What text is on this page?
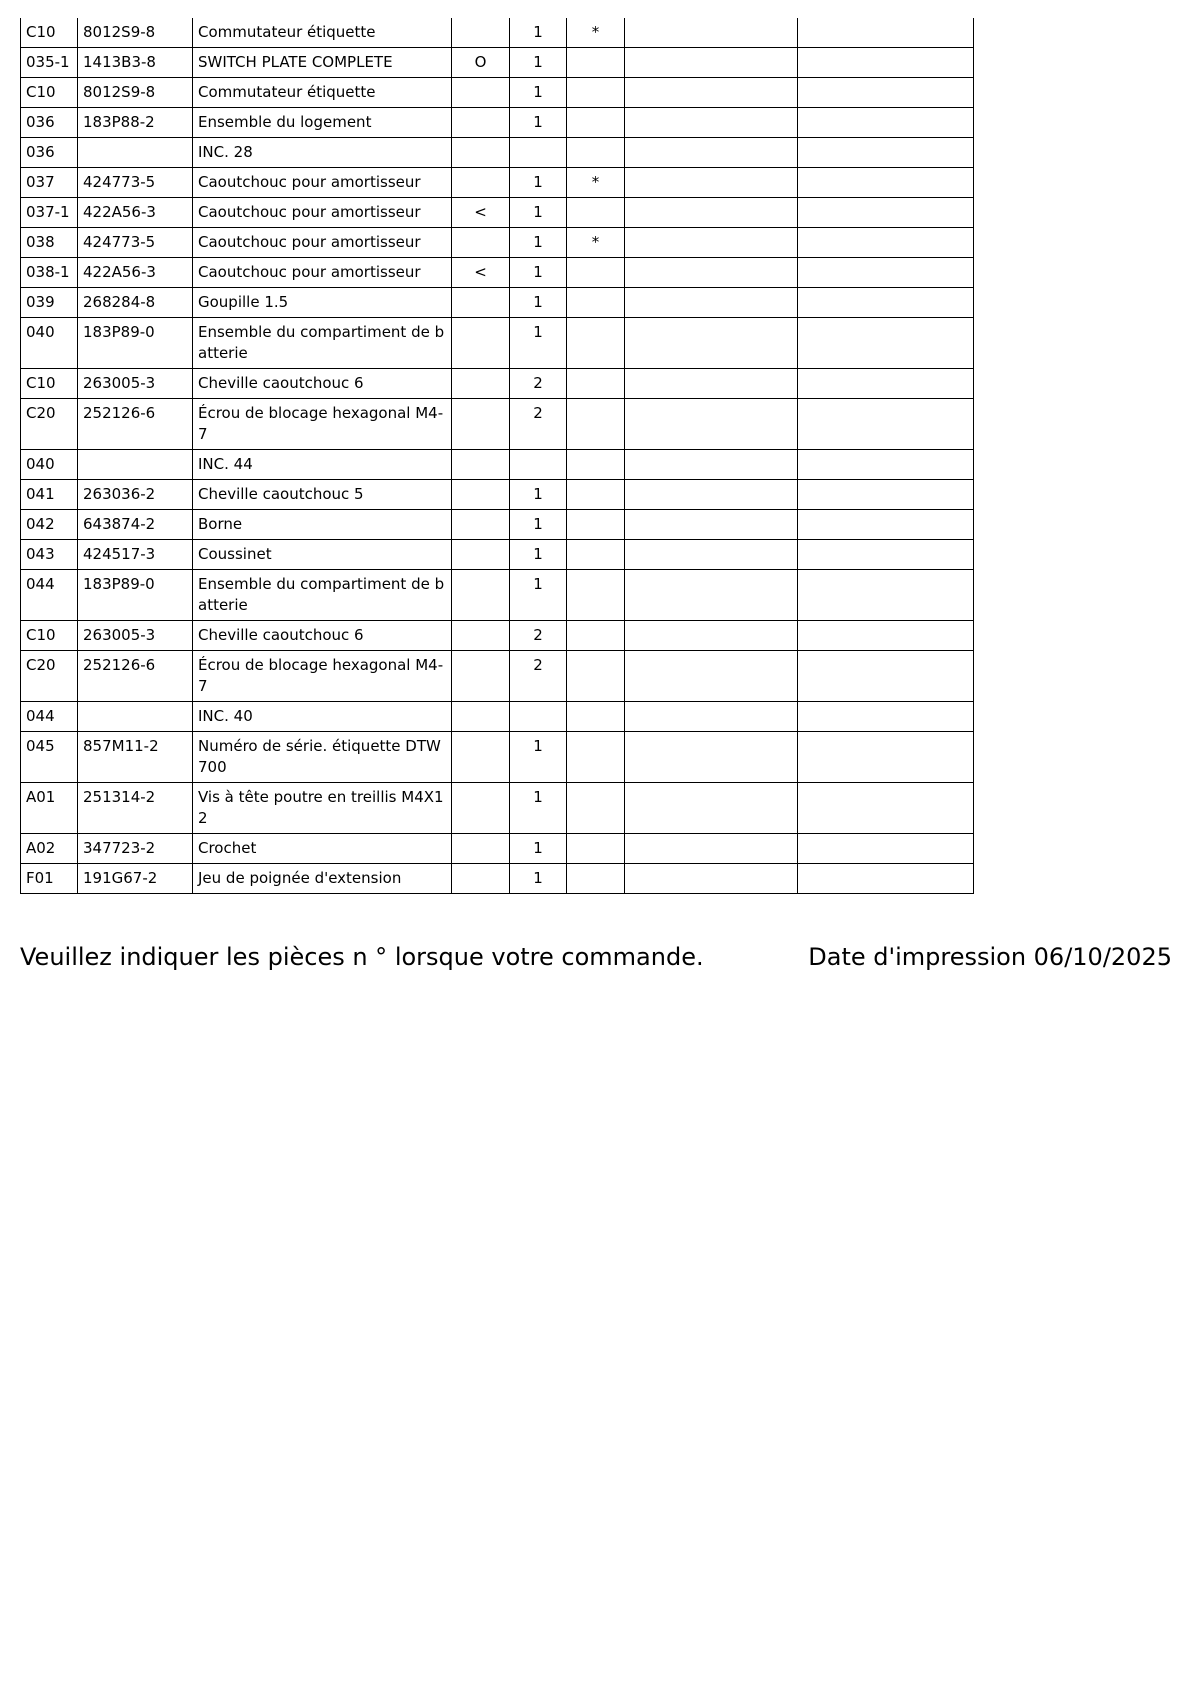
C10	8012S9-8	Commutateur étiquette		1	*		
035-1	1413B3-8	SWITCH PLATE COMPLETE	O	1			
C10	8012S9-8	Commutateur étiquette		1			
036	183P88-2	Ensemble du logement		1			
036		INC. 28					
037	424773-5	Caoutchouc pour amortisseur		1	*		
037-1	422A56-3	Caoutchouc pour amortisseur	<	1			
038	424773-5	Caoutchouc pour amortisseur		1	*		
038-1	422A56-3	Caoutchouc pour amortisseur	<	1			
039	268284-8	Goupille 1.5		1			
040	183P89-0	Ensemble du compartiment de batterie		1			
C10	263005-3	Cheville caoutchouc 6		2			
C20	252126-6	Écrou de blocage hexagonal M4-7		2			
040		INC. 44					
041	263036-2	Cheville caoutchouc 5		1			
042	643874-2	Borne		1			
043	424517-3	Coussinet		1			
044	183P89-0	Ensemble du compartiment de batterie		1			
C10	263005-3	Cheville caoutchouc 6		2			
C20	252126-6	Écrou de blocage hexagonal M4-7		2			
044		INC. 40					
045	857M11-2	Numéro de série. étiquette DTW 700		1			
A01	251314-2	Vis à tête poutre en treillis M4X12		1			
A02	347723-2	Crochet		1			
F01	191G67-2	Jeu de poignée d'extension		1			
Veuillez indiquer les pièces n ° lorsque votre commande.	Date d'impression 06/10/2025
